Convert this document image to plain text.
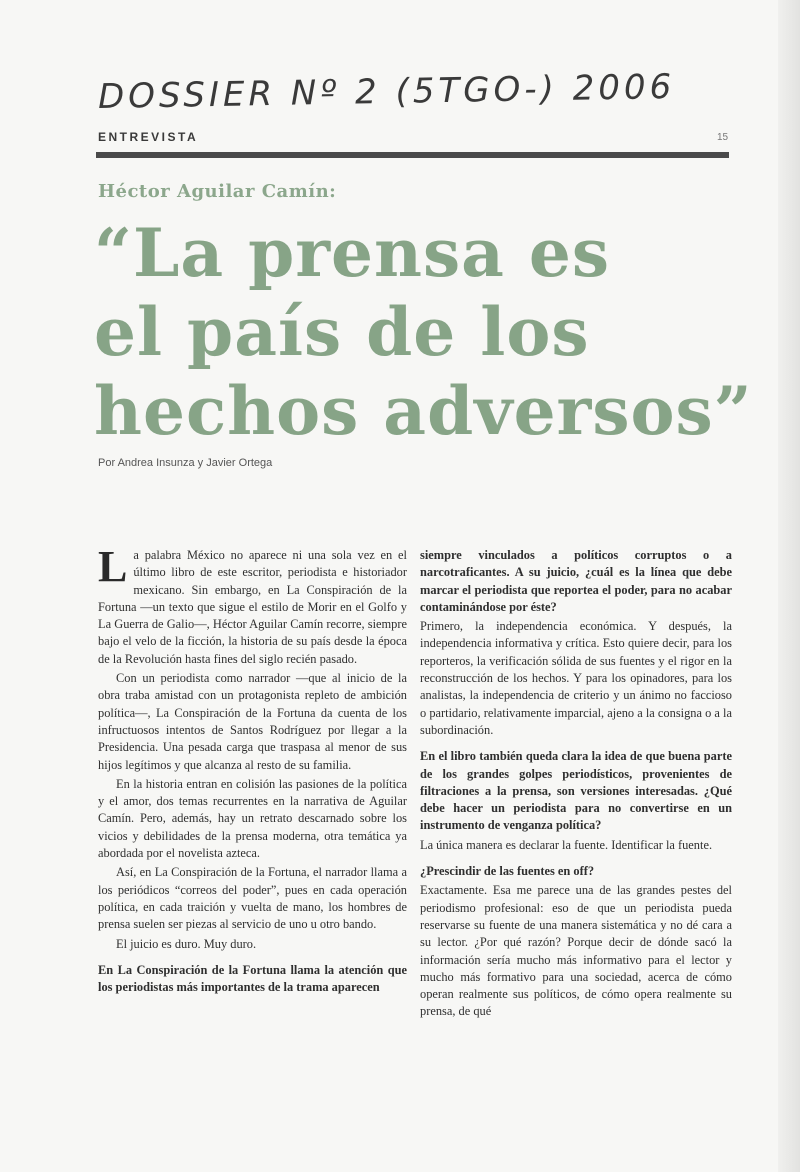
DOSSIER Nº 2 (5TGO-) 2006
ENTREVISTA	15
Héctor Aguilar Camín:
“La prensa es
el país de los
hechos adversos”
Por Andrea Insunza y Javier Ortega

La palabra México no aparece ni una sola vez en el último libro de este escritor, periodista e historiador mexicano. Sin embargo, en La Conspiración de la Fortuna —un texto que sigue el estilo de Morir en el Golfo y La Guerra de Galio—, Héctor Aguilar Camín recorre, siempre bajo el velo de la ficción, la historia de su país desde la época de la Revolución hasta fines del siglo recién pasado.

Con un periodista como narrador —que al inicio de la obra traba amistad con un protagonista repleto de ambición política—, La Conspiración de la Fortuna da cuenta de los infructuosos intentos de Santos Rodríguez por llegar a la Presidencia. Una pesada carga que traspasa al menor de sus hijos legítimos y que alcanza al resto de su familia.

En la historia entran en colisión las pasiones de la política y el amor, dos temas recurrentes en la narrativa de Aguilar Camín. Pero, además, hay un retrato descarnado sobre los vicios y debilidades de la prensa moderna, otra temática ya abordada por el novelista azteca.

Así, en La Conspiración de la Fortuna, el narrador llama a los periódicos “correos del poder”, pues en cada operación política, en cada traición y vuelta de mano, los hombres de prensa suelen ser piezas al servicio de uno u otro bando.

El juicio es duro. Muy duro.

En La Conspiración de la Fortuna llama la atención que los periodistas más importantes de la trama aparecen

siempre vinculados a políticos corruptos o a narcotraficantes. A su juicio, ¿cuál es la línea que debe marcar el periodista que reportea el poder, para no acabar contaminándose por éste?

Primero, la independencia económica. Y después, la independencia informativa y crítica. Esto quiere decir, para los reporteros, la verificación sólida de sus fuentes y el rigor en la reconstrucción de los hechos. Y para los opinadores, para los analistas, la independencia de criterio y un ánimo no faccioso o partidario, relativamente imparcial, ajeno a la consigna o a la subordinación.

En el libro también queda clara la idea de que buena parte de los grandes golpes periodísticos, provenientes de filtraciones a la prensa, son versiones interesadas. ¿Qué debe hacer un periodista para no convertirse en un instrumento de venganza política?

La única manera es declarar la fuente. Identificar la fuente.

¿Prescindir de las fuentes en off?

Exactamente. Esa me parece una de las grandes pestes del periodismo profesional: eso de que un periodista pueda reservarse su fuente de una manera sistemática y no dé cara a su lector. ¿Por qué razón? Porque decir de dónde sacó la información sería mucho más informativo para el lector y mucho más formativo para una sociedad, acerca de cómo operan realmente sus políticos, de cómo opera realmente su prensa, de qué
